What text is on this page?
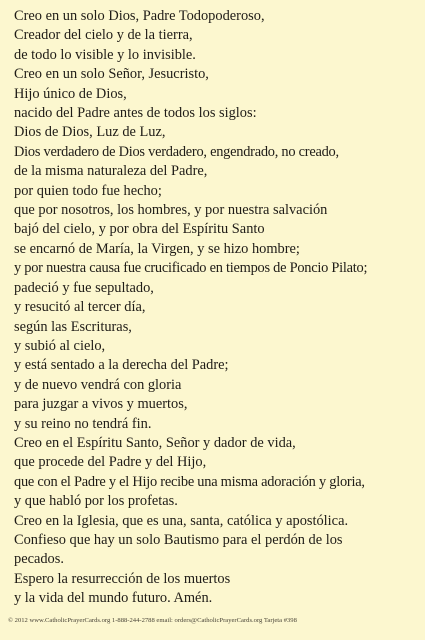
Creo en un solo Dios, Padre Todopoderoso,
Creador del cielo y de la tierra,
de todo lo visible y lo invisible.
Creo en un solo Señor, Jesucristo,
Hijo único de Dios,
nacido del Padre antes de todos los siglos:
Dios de Dios, Luz de Luz,
Dios verdadero de Dios verdadero, engendrado, no creado,
de la misma naturaleza del Padre,
por quien todo fue hecho;
que por nosotros, los hombres, y por nuestra salvación
bajó del cielo, y por obra del Espíritu Santo
se encarnó de María, la Virgen, y se hizo hombre;
y por nuestra causa fue crucificado en tiempos de Poncio Pilato;
padeció y fue sepultado,
y resucitó al tercer día,
según las Escrituras,
y subió al cielo,
y está sentado a la derecha del Padre;
y de nuevo vendrá con gloria
para juzgar a vivos y muertos,
y su reino no tendrá fin.
Creo en el Espíritu Santo, Señor y dador de vida,
que procede del Padre y del Hijo,
que con el Padre y el Hijo recibe una misma adoración y gloria,
y que habló por los profetas.
Creo en la Iglesia, que es una, santa, católica y apostólica.
Confieso que hay un solo Bautismo para el perdón de los
pecados.
Espero la resurrección de los muertos
y la vida del mundo futuro. Amén.
© 2012 www.CatholicPrayerCards.org 1-888-244-2788 email: orders@CatholicPrayerCards.org Tarjeta #398
